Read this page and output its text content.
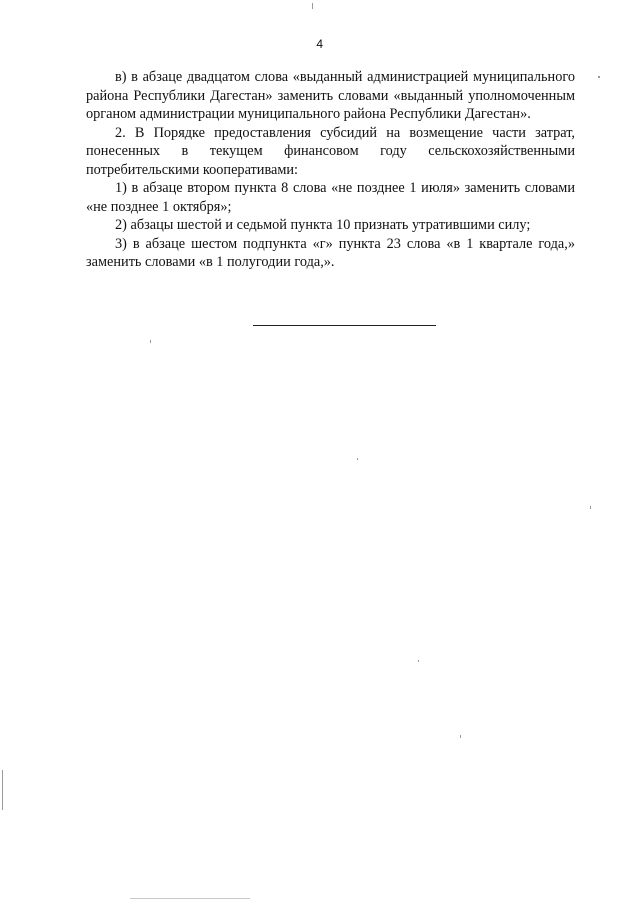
4

в) в абзаце двадцатом слова «выданный администрацией муниципального района Республики Дагестан» заменить словами «выданный уполномоченным органом администрации муниципального района Республики Дагестан».

2. В Порядке предоставления субсидий на возмещение части затрат, понесенных в текущем финансовом году сельскохозяйственными потребительскими кооперативами:

1) в абзаце втором пункта 8 слова «не позднее 1 июля» заменить словами «не позднее 1 октября»;

2) абзацы шестой и седьмой пункта 10 признать утратившими силу;

3) в абзаце шестом подпункта «г» пункта 23 слова «в 1 квартале года,» заменить словами «в 1 полугодии года,».
